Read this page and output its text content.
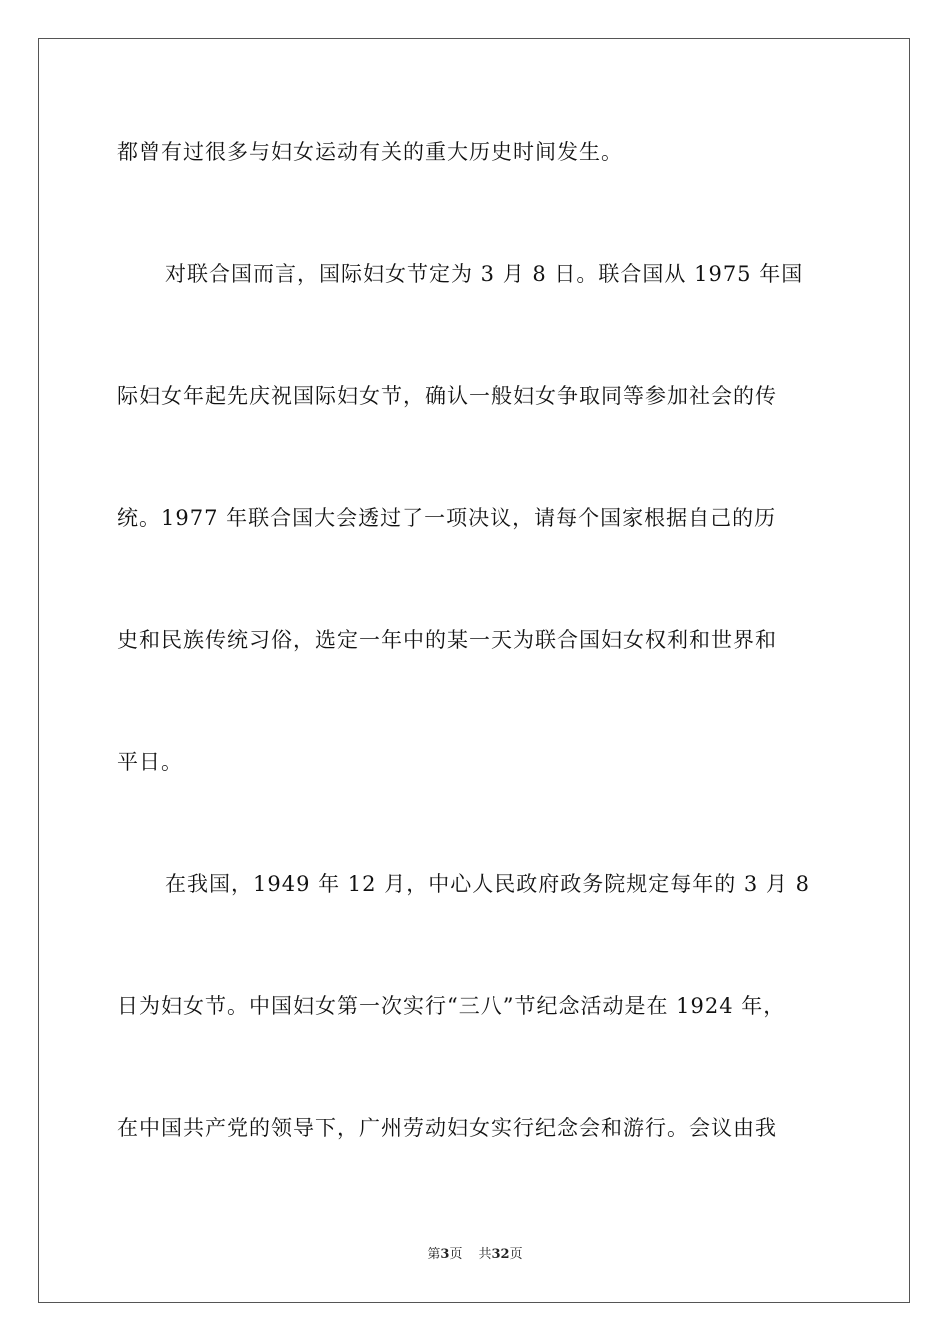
都曾有过很多与妇女运动有关的重大历史时间发生。
对联合国而言，国际妇女节定为 3 月 8 日。联合国从 1975 年国
际妇女年起先庆祝国际妇女节，确认一般妇女争取同等参加社会的传
统。1977 年联合国大会透过了一项决议，请每个国家根据自己的历
史和民族传统习俗，选定一年中的某一天为联合国妇女权利和世界和
平日。
在我国，1949 年 12 月，中心人民政府政务院规定每年的 3 月 8
日为妇女节。中国妇女第一次实行“三八”节纪念活动是在 1924 年，
在中国共产党的领导下，广州劳动妇女实行纪念会和游行。会议由我
第3页 共32页
